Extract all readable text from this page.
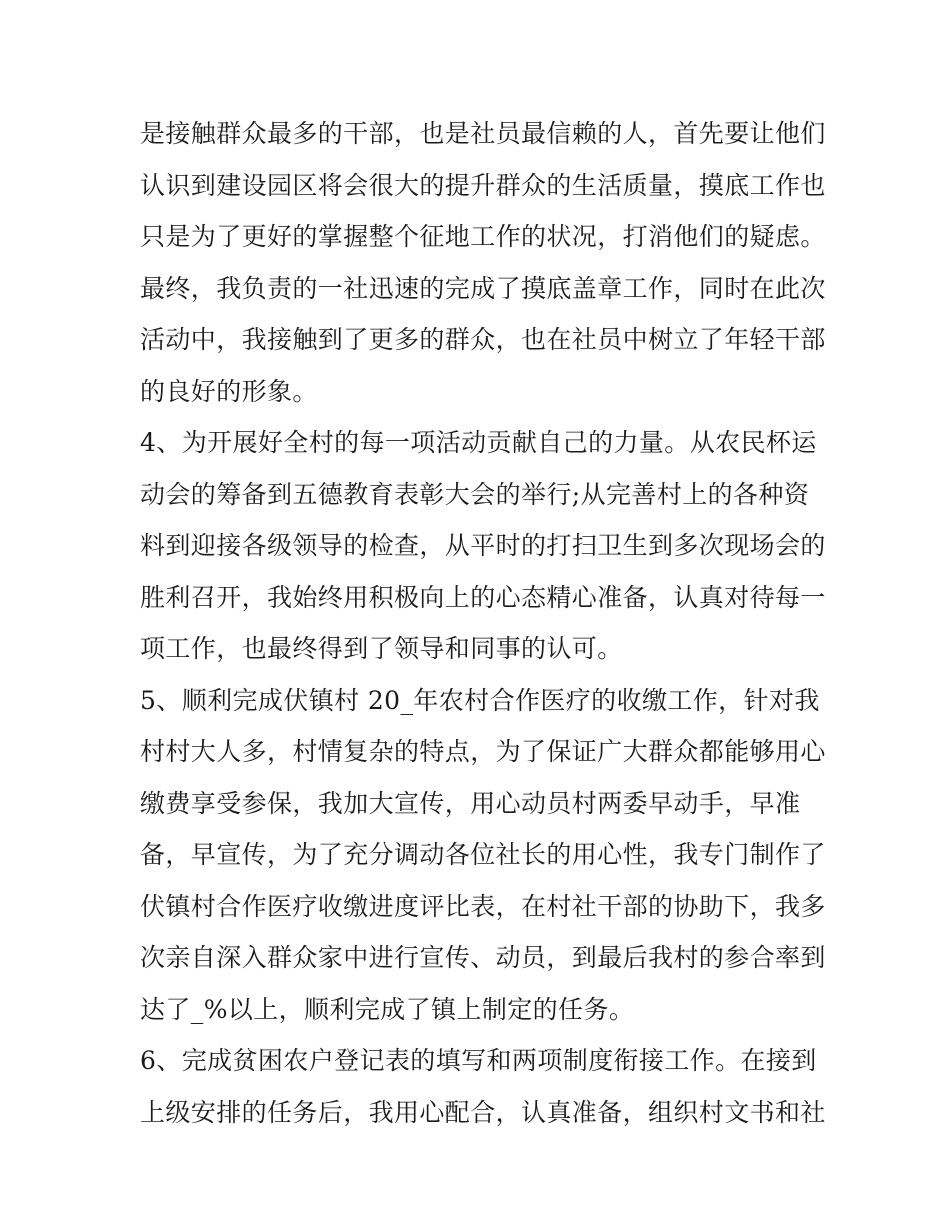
是接触群众最多的干部，也是社员最信赖的人，首先要让他们
认识到建设园区将会很大的提升群众的生活质量，摸底工作也
只是为了更好的掌握整个征地工作的状况，打消他们的疑虑。
最终，我负责的一社迅速的完成了摸底盖章工作，同时在此次
活动中，我接触到了更多的群众，也在社员中树立了年轻干部
的良好的形象。
4、为开展好全村的每一项活动贡献自己的力量。从农民杯运
动会的筹备到五德教育表彰大会的举行;从完善村上的各种资
料到迎接各级领导的检查，从平时的打扫卫生到多次现场会的
胜利召开，我始终用积极向上的心态精心准备，认真对待每一
项工作，也最终得到了领导和同事的认可。
5、顺利完成伏镇村 20_年农村合作医疗的收缴工作，针对我
村村大人多，村情复杂的特点，为了保证广大群众都能够用心
缴费享受参保，我加大宣传，用心动员村两委早动手，早准
备，早宣传，为了充分调动各位社长的用心性，我专门制作了
伏镇村合作医疗收缴进度评比表，在村社干部的协助下，我多
次亲自深入群众家中进行宣传、动员，到最后我村的参合率到
达了_%以上，顺利完成了镇上制定的任务。
6、完成贫困农户登记表的填写和两项制度衔接工作。在接到
上级安排的任务后，我用心配合，认真准备，组织村文书和社
